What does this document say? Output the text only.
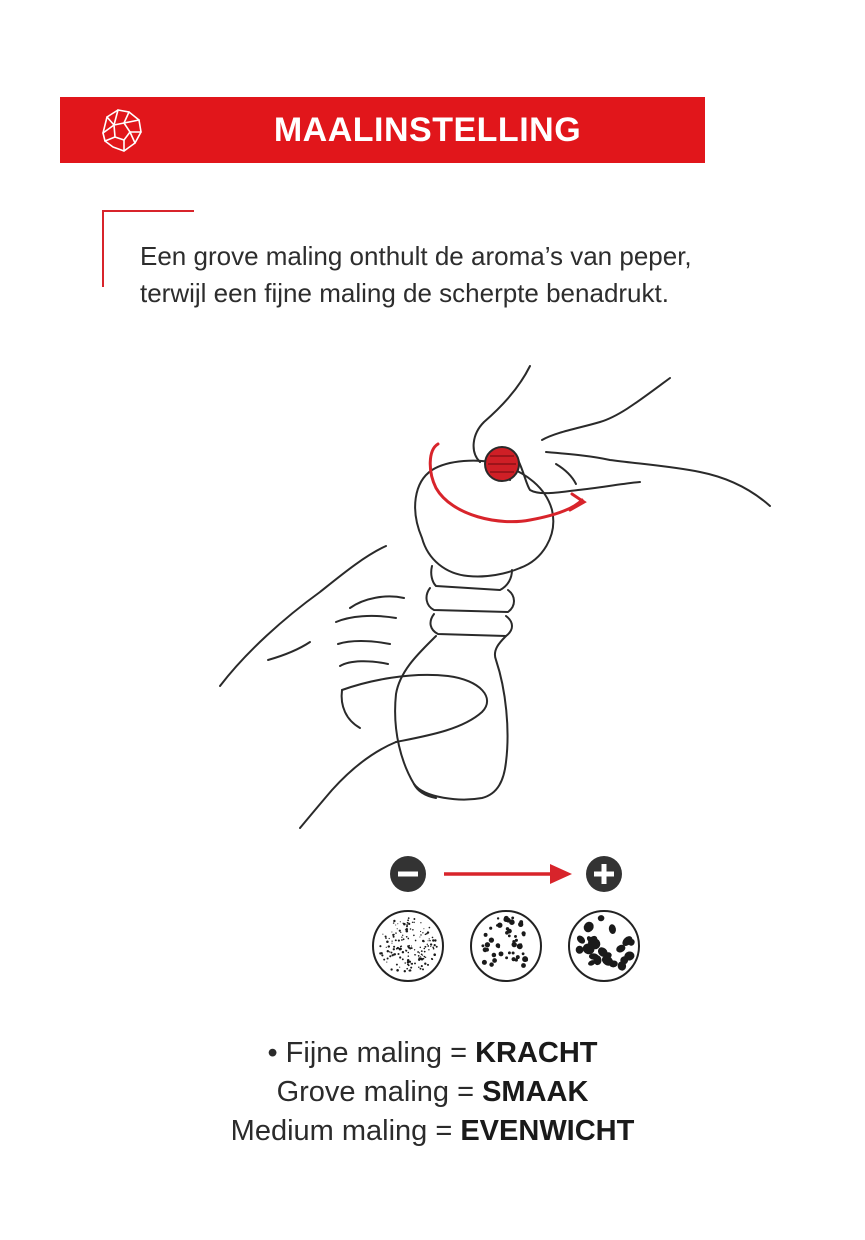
MAALINSTELLING

Een grove maling onthult de aroma’s van peper,

terwijl een fijne maling de scherpte benadrukt.

• Fijne maling = KRACHT

Grove maling = SMAAK

Medium maling = EVENWICHT
